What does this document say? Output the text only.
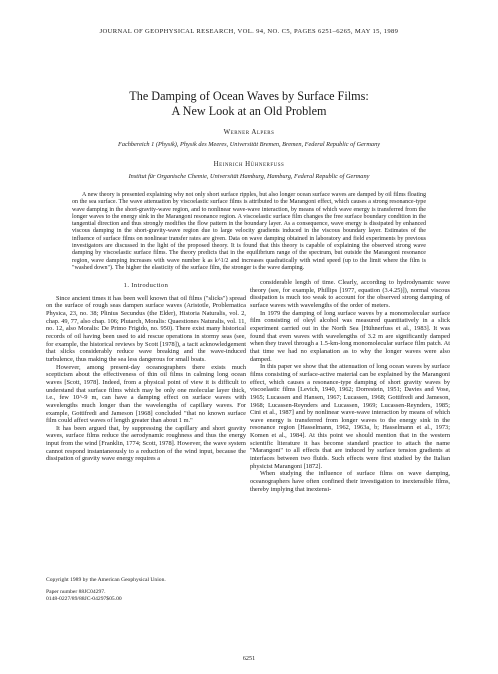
JOURNAL OF GEOPHYSICAL RESEARCH, VOL. 94, NO. C5, PAGES 6251–6265, MAY 15, 1989
The Damping of Ocean Waves by Surface Films:
A New Look at an Old Problem
Werner Alpers
Fachbereich 1 (Physik), Physik des Meeres, Universität Bremen, Bremen, Federal Republic of Germany
Heinrich Hühnerfuss
Institut für Organische Chemie, Universität Hamburg, Hamburg, Federal Republic of Germany

A new theory is presented explaining why not only short surface ripples, but also longer ocean surface waves are damped by oil films floating on the sea surface. The wave attenuation by viscoelastic surface films is attributed to the Marangoni effect, which causes a strong resonance-type wave damping in the short-gravity-wave region, and to nonlinear wave-wave interaction, by means of which wave energy is transferred from the longer waves to the energy sink in the Marangoni resonance region. A viscoelastic surface film changes the free surface boundary condition in the tangential direction and thus strongly modifies the flow pattern in the boundary layer. As a consequence, wave energy is dissipated by enhanced viscous damping in the short-gravity-wave region due to large velocity gradients induced in the viscous boundary layer. Estimates of the influence of surface films on nonlinear transfer rates are given. Data on wave damping obtained in laboratory and field experiments by previous investigators are discussed in the light of the proposed theory. It is found that this theory is capable of explaining the observed strong wave damping by viscoelastic surface films. The theory predicts that in the equilibrium range of the spectrum, but outside the Marangoni resonance region, wave damping increases with wave number k as k^1/2 and increases quadratically with wind speed (up to the limit where the film is "washed down"). The higher the elasticity of the surface film, the stronger is the wave damping.

1. Introduction

Since ancient times it has been well known that oil films ("slicks") spread on the surface of rough seas dampen surface waves (Aristotle, Problematica Physica, 23, no. 38; Plinius Secundus (the Elder), Historia Naturalis, vol. 2, chap. 49, 77, also chap. 106; Plutarch, Moralis: Quaestiones Naturalis, vol. 11, no. 12, also Moralis: De Primo Frigido, no. 950). There exist many historical records of oil having been used to aid rescue operations in stormy seas (see, for example, the historical reviews by Scott [1978]), a tacit acknowledgement that slicks considerably reduce wave breaking and the wave-induced turbulence, thus making the sea less dangerous for small boats.

However, among present-day oceanographers there exists much scepticism about the effectiveness of thin oil films in calming long ocean waves [Scott, 1978]. Indeed, from a physical point of view it is difficult to understand that surface films which may be only one molecular layer thick, i.e., few 10^-9 m, can have a damping effect on surface waves with wavelengths much longer than the wavelengths of capillary waves. For example, Gottifredi and Jameson [1968] concluded "that no known surface film could affect waves of length greater than about 1 m."

It has been argued that, by suppressing the capillary and short gravity waves, surface films reduce the aerodynamic roughness and thus the energy input from the wind [Franklin, 1774; Scott, 1978]. However, the wave system cannot respond instantaneously to a reduction of the wind input, because the dissipation of gravity wave energy requires a

considerable length of time. Clearly, according to hydrodynamic wave theory (see, for example, Phillips [1977, equation (3.4.25)]), normal viscous dissipation is much too weak to account for the observed strong damping of surface waves with wavelengths of the order of meters.

In 1979 the damping of long surface waves by a monomolecular surface film consisting of oleyl alcohol was measured quantitatively in a slick experiment carried out in the North Sea [Hühnerfuss et al., 1983]. It was found that even waves with wavelengths of 3.2 m are significantly damped when they travel through a 1.5-km-long monomolecular surface film patch. At that time we had no explanation as to why the longer waves were also damped.

In this paper we show that the attenuation of long ocean waves by surface films consisting of surface-active material can be explained by the Marangoni effect, which causes a resonance-type damping of short gravity waves by viscoelastic films [Levich, 1940, 1962; Dorrestein, 1951; Davies and Vose, 1965; Lucassen and Hansen, 1967; Lucassen, 1968; Gottifredi and Jameson, 1968; Lucassen-Reynders and Lucassen, 1969; Lucassen-Reynders, 1985; Cini et al., 1987] and by nonlinear wave-wave interaction by means of which wave energy is transferred from longer waves to the energy sink in the resonance region [Hasselmann, 1962, 1963a, b; Hasselmann et al., 1973; Komen et al., 1984]. At this point we should mention that in the western scientific literature it has become standard practice to attach the name "Marangoni" to all effects that are induced by surface tension gradients at interfaces between two fluids. Such effects were first studied by the Italian physicist Marangoni [1872].

When studying the influence of surface films on wave damping, oceanographers have often confined their investigation to inextensible films, thereby implying that inextensi-

Copyright 1989 by the American Geophysical Union.
Paper number 88JC04297.
0148-0227/89/88JC-04297$05.00
6251
